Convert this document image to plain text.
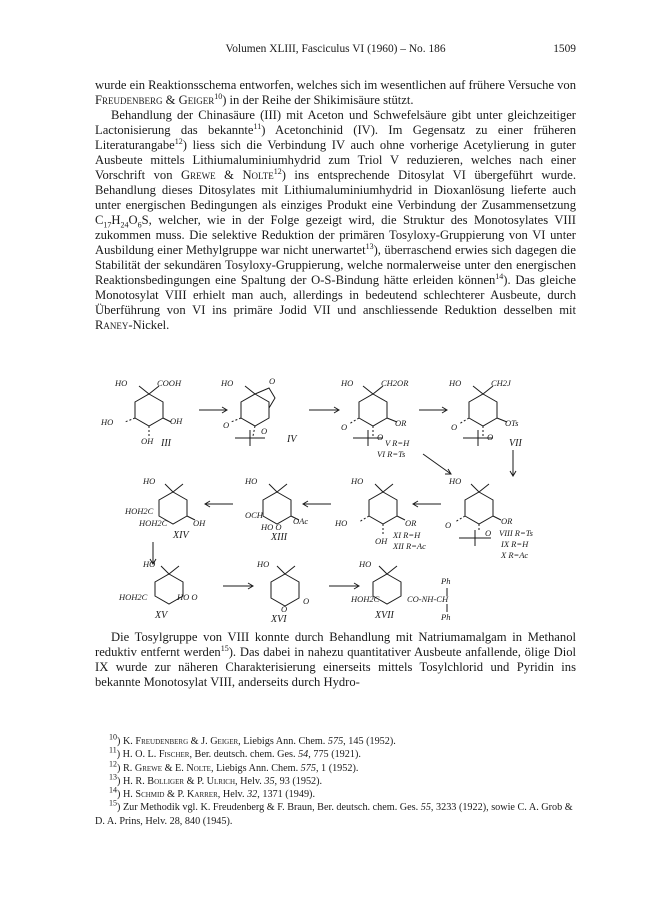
Volumen XLIII, Fasciculus VI (1960) – No. 186	1509

wurde ein Reaktionsschema entworfen, welches sich im wesentlichen auf frühere Versuche von Freudenberg & Geiger$^{10}$) in der Reihe der Shikimisäure stützt.

Behandlung der Chinasäure (III) mit Aceton und Schwefelsäure gibt unter gleichzeitiger Lactonisierung das bekannte$^{11}$) Acetonchinid (IV). Im Gegensatz zu einer früheren Literaturangabe$^{12}$) liess sich die Verbindung IV auch ohne vorherige Acetylierung in guter Ausbeute mittels Lithiumaluminiumhydrid zum Triol V reduzieren, welches nach einer Vorschrift von Grewe & Nolte$^{12}$) ins entsprechende Ditosylat VI übergeführt wurde. Behandlung dieses Ditosylates mit Lithiumaluminiumhydrid in Dioxanlösung lieferte auch unter energischen Bedingungen als einziges Produkt eine Verbindung der Zusammensetzung $C_{17}H_{24}O_6S$, welcher, wie in der Folge gezeigt wird, die Struktur des Monotosylates VIII zukommen muss. Die selektive Reduktion der primären Tosyloxy-Gruppierung von VI unter Ausbildung einer Methylgruppe war nicht unerwartet$^{13}$), überraschend erwies sich dagegen die Stabilität der sekundären Tosyloxy-Gruppierung, welche normalerweise unter den energischen Reaktionsbedingungen eine Spaltung der O-S-Bindung hätte erleiden können$^{14}$). Das gleiche Monotosylat VIII erhielt man auch, allerdings in bedeutend schlechterer Ausbeute, durch Überführung von VI ins primäre Jodid VII und anschliessende Reduktion desselben mit Raney-Nickel.

HO	COOH
OH
HO
OH III
HO	O
O
O
IV
HO	CH2OR
OR
O
O
V R=H
VI R=Ts
HO	CH2J
OTs
O
O
VII
HO
OR
O
O VIII R=Ts
IX R=H
X R=Ac
HO
OR
HO
OH
XI R=H
XII R=Ac
HO
OCH
HO O
OAc
XIII
HO
HOH2C
HOH2C	OH
XIV
HO
HOH2C	HO O
XV
HO
O
O
XVI
HO
HOH2C	CO-NH-CH
Ph
Ph
XVII

Die Tosylgruppe von VIII konnte durch Behandlung mit Natriumamalgam in Methanol reduktiv entfernt werden$^{15}$). Das dabei in nahezu quantitativer Ausbeute anfallende, ölige Diol IX wurde zur näheren Charakterisierung einerseits mittels Tosylchlorid und Pyridin ins bekannte Monotosylat VIII, anderseits durch Hydro-

$^{10}$) K. Freudenberg & J. Geiger, Liebigs Ann. Chem. 575, 145 (1952).

$^{11}$) H. O. L. Fischer, Ber. deutsch. chem. Ges. 54, 775 (1921).

$^{12}$) R. Grewe & E. Nolte, Liebigs Ann. Chem. 575, 1 (1952).

$^{13}$) H. R. Bolliger & P. Ulrich, Helv. 35, 93 (1952).

$^{14}$) H. Schmid & P. Karrer, Helv. 32, 1371 (1949).

$^{15}$) Zur Methodik vgl. K. Freudenberg & F. Braun, Ber. deutsch. chem. Ges. 55, 3233 (1922), sowie C. A. Grob & D. A. Prins, Helv. 28, 840 (1945).
